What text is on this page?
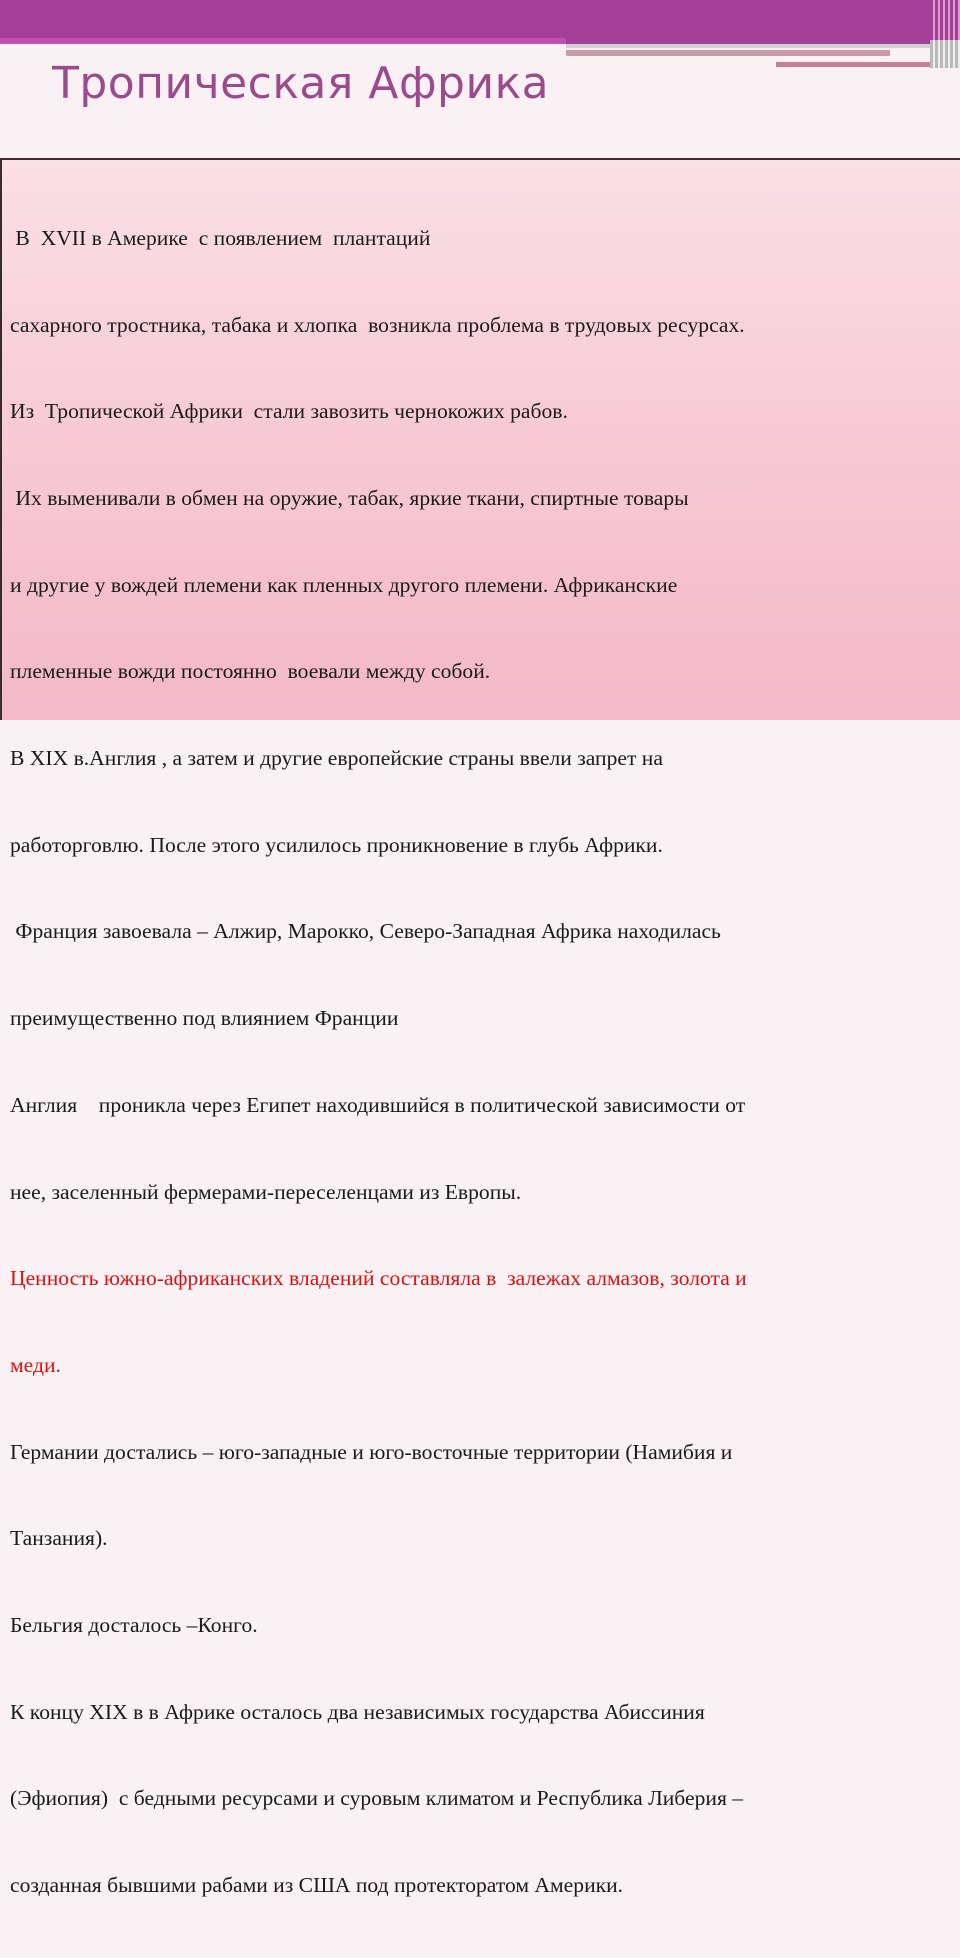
Тропическая Африка

В  XVII в Америке  с появлением  плантаций

сахарного тростника, табака и хлопка  возникла проблема в трудовых ресурсах.

Из  Тропической Африки  стали завозить чернокожих рабов.

Их выменивали в обмен на оружие, табак, яркие ткани, спиртные товары

и другие у вождей племени как пленных другого племени. Африканские

племенные вожди постоянно  воевали между собой.

В XIX в.Англия , а затем и другие европейские страны ввели запрет на

работорговлю. После этого усилилось проникновение в глубь Африки.

Франция завоевала – Алжир, Марокко, Северо-Западная Африка находилась

преимущественно под влиянием Франции

Англия    проникла через Египет находившийся в политической зависимости от

нее, заселенный фермерами-переселенцами из Европы.

Ценность южно-африканских владений составляла в  залежах алмазов, золота и

меди.

Германии достались – юго-западные и юго-восточные территории (Намибия и

Танзания).

Бельгия досталось –Конго.

К концу XIX в в Африке осталось два независимых государства Абиссиния

(Эфиопия)  с бедными ресурсами и суровым климатом и Республика Либерия –

созданная бывшими рабами из США под протекторатом Америки.
